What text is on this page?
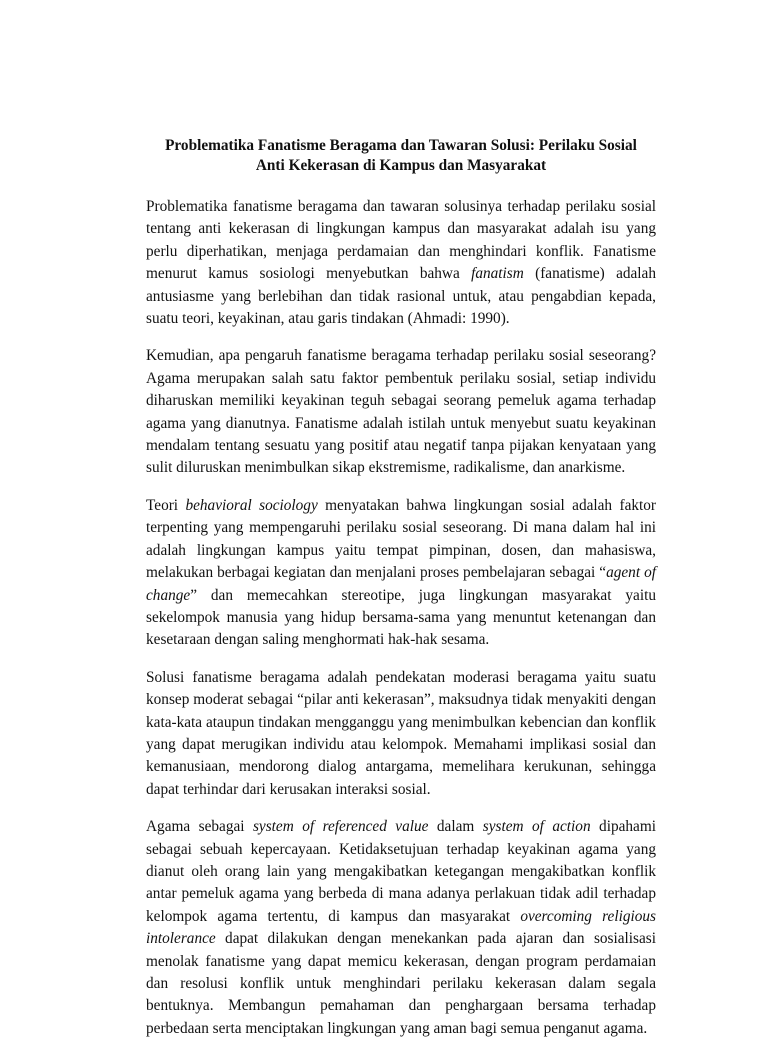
Problematika Fanatisme Beragama dan Tawaran Solusi: Perilaku Sosial
Anti Kekerasan di Kampus dan Masyarakat

Problematika fanatisme beragama dan tawaran solusinya terhadap perilaku sosial tentang anti kekerasan di lingkungan kampus dan masyarakat adalah isu yang perlu diperhatikan, menjaga perdamaian dan menghindari konflik. Fanatisme menurut kamus sosiologi menyebutkan bahwa fanatism (fanatisme) adalah antusiasme yang berlebihan dan tidak rasional untuk, atau pengabdian kepada, suatu teori, keyakinan, atau garis tindakan (Ahmadi: 1990).

Kemudian, apa pengaruh fanatisme beragama terhadap perilaku sosial seseorang? Agama merupakan salah satu faktor pembentuk perilaku sosial, setiap individu diharuskan memiliki keyakinan teguh sebagai seorang pemeluk agama terhadap agama yang dianutnya. Fanatisme adalah istilah untuk menyebut suatu keyakinan mendalam tentang sesuatu yang positif atau negatif tanpa pijakan kenyataan yang sulit diluruskan menimbulkan sikap ekstremisme, radikalisme, dan anarkisme.

Teori behavioral sociology menyatakan bahwa lingkungan sosial adalah faktor terpenting yang mempengaruhi perilaku sosial seseorang. Di mana dalam hal ini adalah lingkungan kampus yaitu tempat pimpinan, dosen, dan mahasiswa, melakukan berbagai kegiatan dan menjalani proses pembelajaran sebagai “agent of change” dan memecahkan stereotipe, juga lingkungan masyarakat yaitu sekelompok manusia yang hidup bersama-sama yang menuntut ketenangan dan kesetaraan dengan saling menghormati hak-hak sesama.

Solusi fanatisme beragama adalah pendekatan moderasi beragama yaitu suatu konsep moderat sebagai “pilar anti kekerasan”, maksudnya tidak menyakiti dengan kata-kata ataupun tindakan mengganggu yang menimbulkan kebencian dan konflik yang dapat merugikan individu atau kelompok. Memahami implikasi sosial dan kemanusiaan, mendorong dialog antargama, memelihara kerukunan, sehingga dapat terhindar dari kerusakan interaksi sosial.

Agama sebagai system of referenced value dalam system of action dipahami sebagai sebuah kepercayaan. Ketidaksetujuan terhadap keyakinan agama yang dianut oleh orang lain yang mengakibatkan ketegangan mengakibatkan konflik antar pemeluk agama yang berbeda di mana adanya perlakuan tidak adil terhadap kelompok agama tertentu, di kampus dan masyarakat overcoming religious intolerance dapat dilakukan dengan menekankan pada ajaran dan sosialisasi menolak fanatisme yang dapat memicu kekerasan, dengan program perdamaian dan resolusi konflik untuk menghindari perilaku kekerasan dalam segala bentuknya. Membangun pemahaman dan penghargaan bersama terhadap perbedaan serta menciptakan lingkungan yang aman bagi semua penganut agama.
